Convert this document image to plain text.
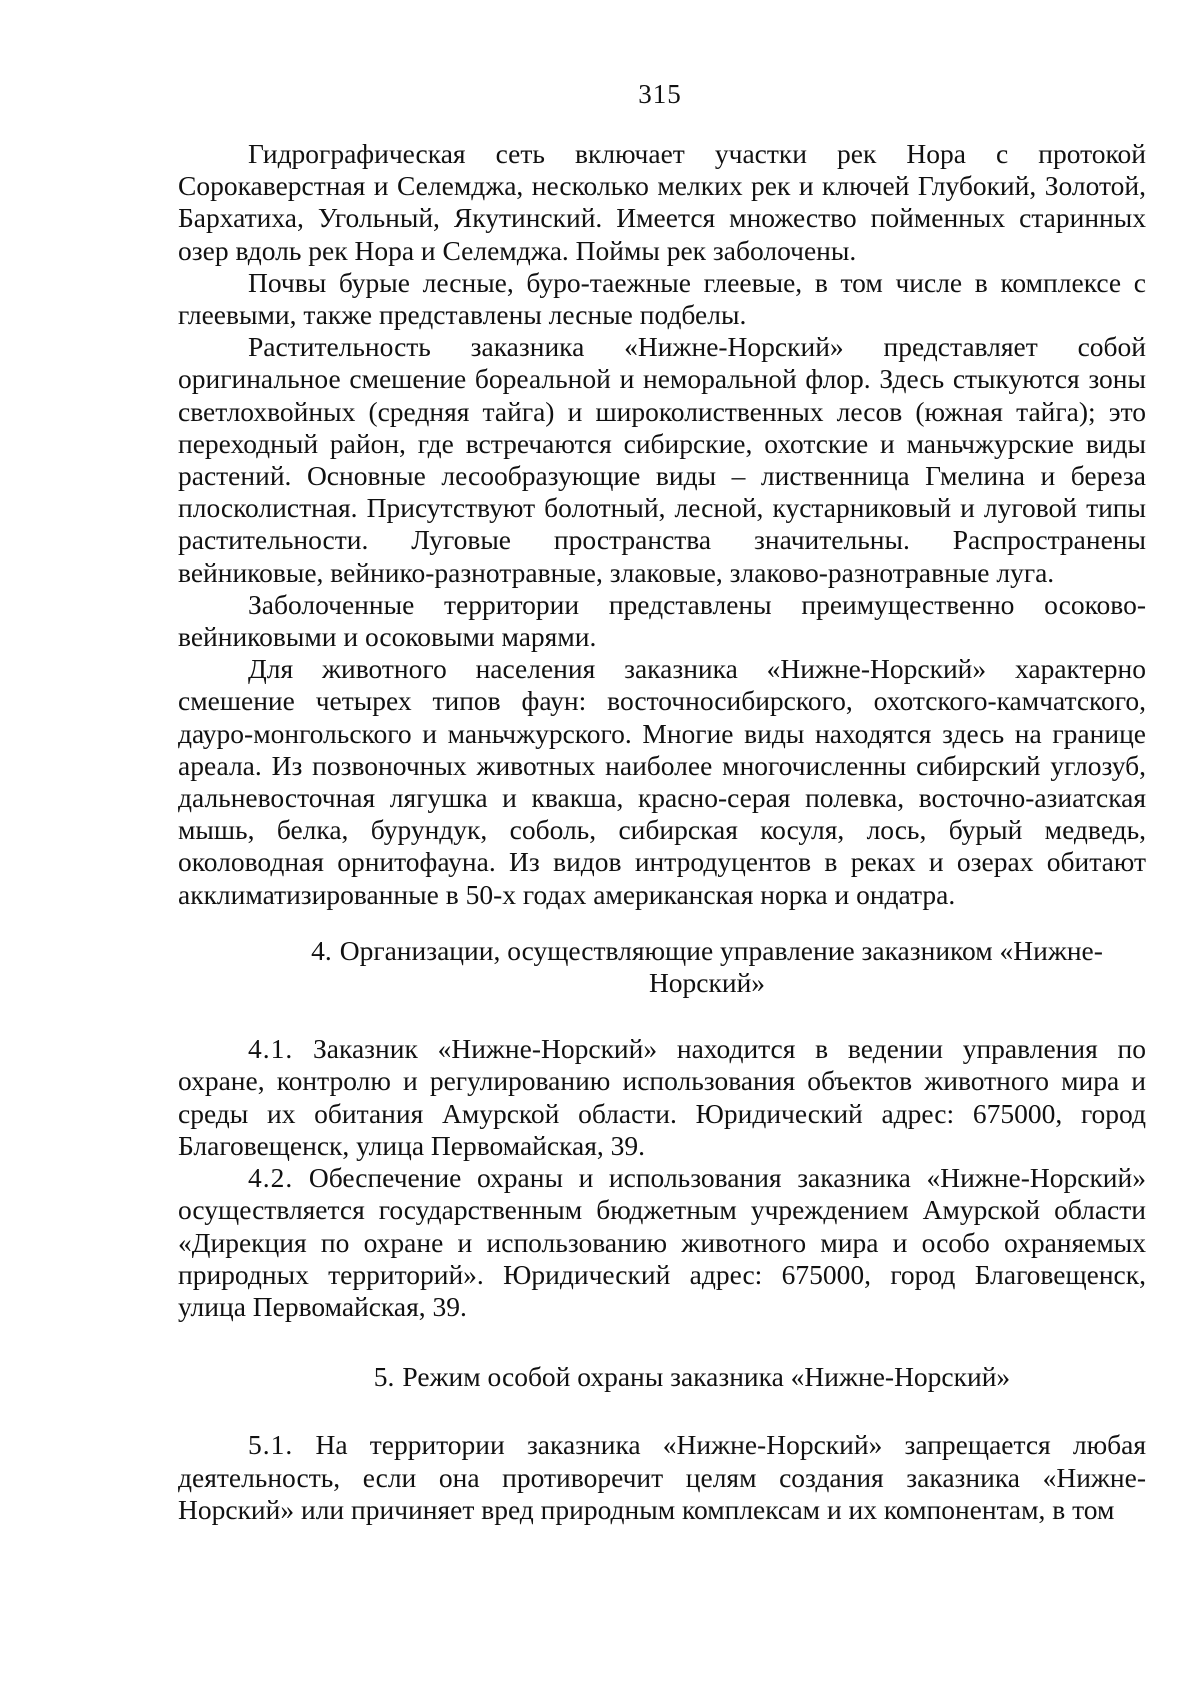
315

Гидрографическая сеть включает участки рек Нора с протокой Сорокаверстная и Селемджа, несколько мелких рек и ключей Глубокий, Золотой, Бархатиха, Угольный, Якутинский. Имеется множество пойменных старинных озер вдоль рек Нора и Селемджа. Поймы рек заболочены.

Почвы бурые лесные, буро-таежные глеевые, в том числе в комплексе с глеевыми, также представлены лесные подбелы.

Растительность заказника «Нижне-Норский» представляет собой оригинальное смешение бореальной и неморальной флор. Здесь стыкуются зоны светлохвойных (средняя тайга) и широколиственных лесов (южная тайга); это переходный район, где встречаются сибирские, охотские и маньчжурские виды растений. Основные лесообразующие виды – лиственница Гмелина и береза плосколистная. Присутствуют болотный, лесной, кустарниковый и луговой типы растительности. Луговые пространства значительны. Распространены вейниковые, вейнико-разнотравные, злаковые, злаково-разнотравные луга.

Заболоченные территории представлены преимущественно осоково-вейниковыми и осоковыми марями.

Для животного населения заказника «Нижне-Норский» характерно смешение четырех типов фаун: восточносибирского, охотского-камчатского, дауро-монгольского и маньчжурского. Многие виды находятся здесь на границе ареала. Из позвоночных животных наиболее многочисленны сибирский углозуб, дальневосточная лягушка и квакша, красно-серая полевка, восточно-азиатская мышь, белка, бурундук, соболь, сибирская косуля, лось, бурый медведь, околоводная орнитофауна. Из видов интродуцентов в реках и озерах обитают акклиматизированные в 50-х годах американская норка и ондатра.

4. Организации, осуществляющие управление заказником «Нижне-Норский»

4.1. Заказник «Нижне-Норский» находится в ведении управления по охране, контролю и регулированию использования объектов животного мира и среды их обитания Амурской области. Юридический адрес: 675000, город Благовещенск, улица Первомайская, 39.

4.2. Обеспечение охраны и использования заказника «Нижне-Норский» осуществляется государственным бюджетным учреждением Амурской области «Дирекция по охране и использованию животного мира и особо охраняемых природных территорий». Юридический адрес: 675000, город Благовещенск, улица Первомайская, 39.

5. Режим особой охраны заказника «Нижне-Норский»

5.1. На территории заказника «Нижне-Норский» запрещается любая деятельность, если она противоречит целям создания заказника «Нижне-Норский» или причиняет вред природным комплексам и их компонентам, в том
